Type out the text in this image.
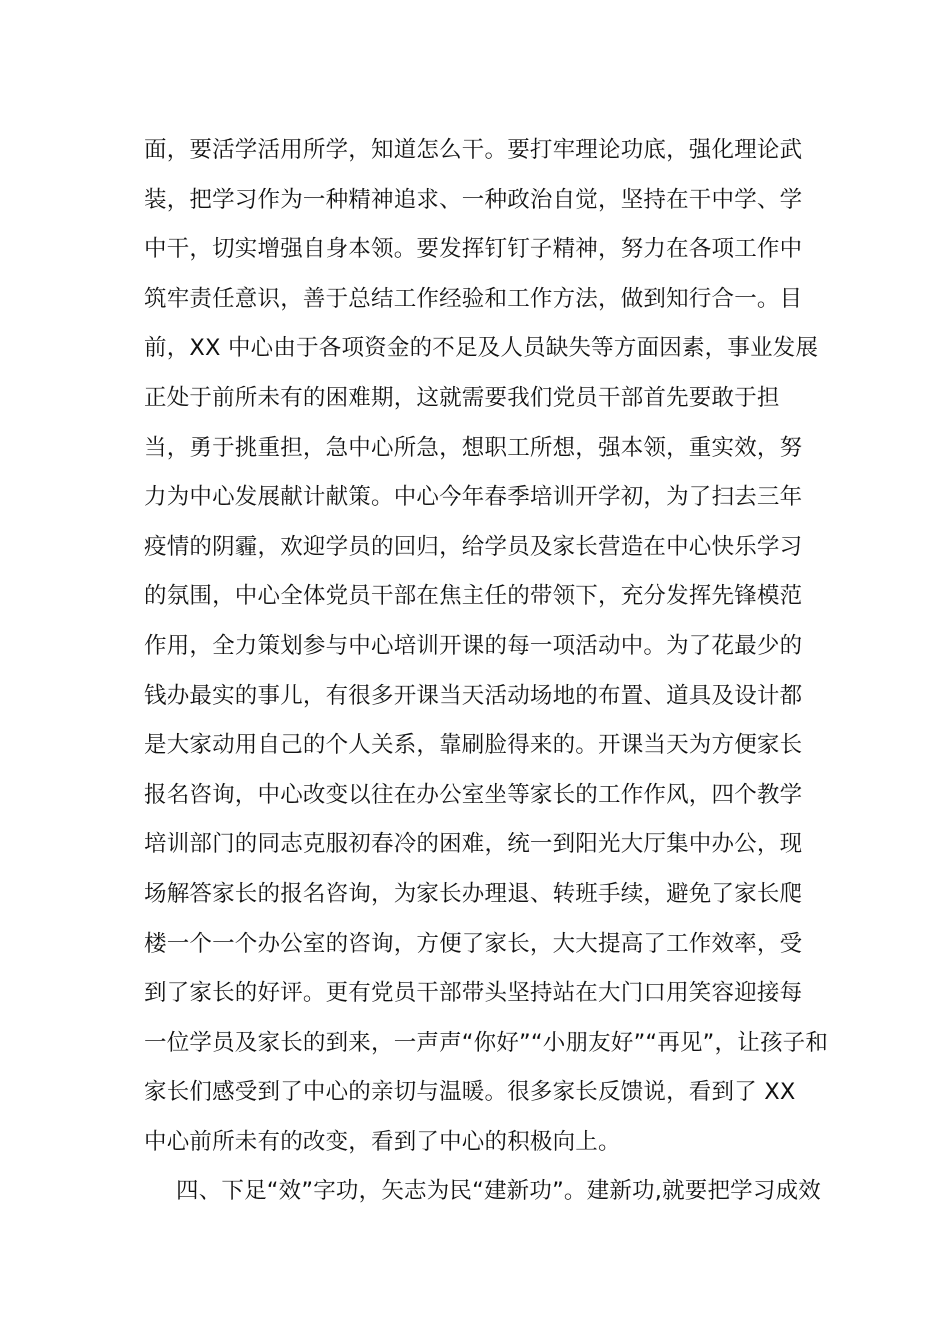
面，要活学活用所学，知道怎么干。要打牢理论功底，强化理论武
装，把学习作为一种精神追求、一种政治自觉，坚持在干中学、学
中干，切实增强自身本领。要发挥钉钉子精神，努力在各项工作中
筑牢责任意识，善于总结工作经验和工作方法，做到知行合一。目
前，XX 中心由于各项资金的不足及人员缺失等方面因素，事业发展
正处于前所未有的困难期，这就需要我们党员干部首先要敢于担
当，勇于挑重担，急中心所急，想职工所想，强本领，重实效，努
力为中心发展献计献策。中心今年春季培训开学初，为了扫去三年
疫情的阴霾，欢迎学员的回归，给学员及家长营造在中心快乐学习
的氛围，中心全体党员干部在焦主任的带领下，充分发挥先锋模范
作用，全力策划参与中心培训开课的每一项活动中。为了花最少的
钱办最实的事儿，有很多开课当天活动场地的布置、道具及设计都
是大家动用自己的个人关系，靠刷脸得来的。开课当天为方便家长
报名咨询，中心改变以往在办公室坐等家长的工作作风，四个教学
培训部门的同志克服初春冷的困难，统一到阳光大厅集中办公，现
场解答家长的报名咨询，为家长办理退、转班手续，避免了家长爬
楼一个一个办公室的咨询，方便了家长，大大提高了工作效率，受
到了家长的好评。更有党员干部带头坚持站在大门口用笑容迎接每
一位学员及家长的到来，一声声“你好”“小朋友好”“再见”，让孩子和
家长们感受到了中心的亲切与温暖。很多家长反馈说，看到了 XX
中心前所未有的改变，看到了中心的积极向上。
四、下足“效”字功，矢志为民“建新功”。建新功,就要把学习成效
